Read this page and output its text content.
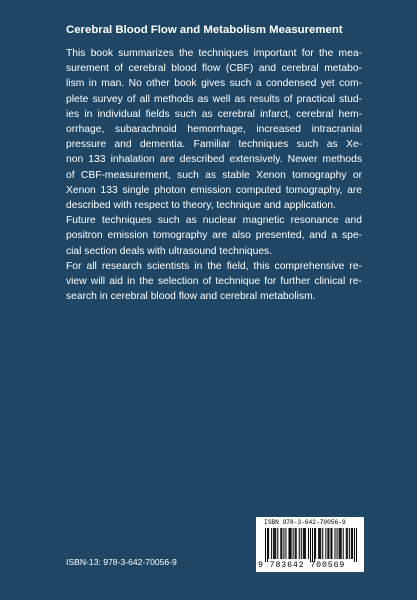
Cerebral Blood Flow and Metabolism Measurement
This book summarizes the techniques important for the mea-
surement of cerebral blood flow (CBF) and cerebral metabo-
lism in man. No other book gives such a condensed yet com-
plete survey of all methods as well as results of practical stud-
ies in individual fields such as cerebral infarct, cerebral hem-
orrhage, subarachnoid hemorrhage, increased intracranial
pressure and dementia. Familiar techniques such as Xe-
non 133 inhalation are described extensively. Newer methods
of CBF-measurement, such as stable Xenon tomography or
Xenon 133 single photon emission computed tomography, are
described with respect to theory, technique and application.
Future techniques such as nuclear magnetic resonance and
positron emission tomography are also presented, and a spe-
cial section deals with ultrasound techniques.
For all research scientists in the field, this comprehensive re-
view will aid in the selection of technique for further clinical re-
search in cerebral blood flow and cerebral metabolism.
ISBN-13: 978-3-642-70056-9
ISBN 978-3-642-70056-9
9 783642 700569
